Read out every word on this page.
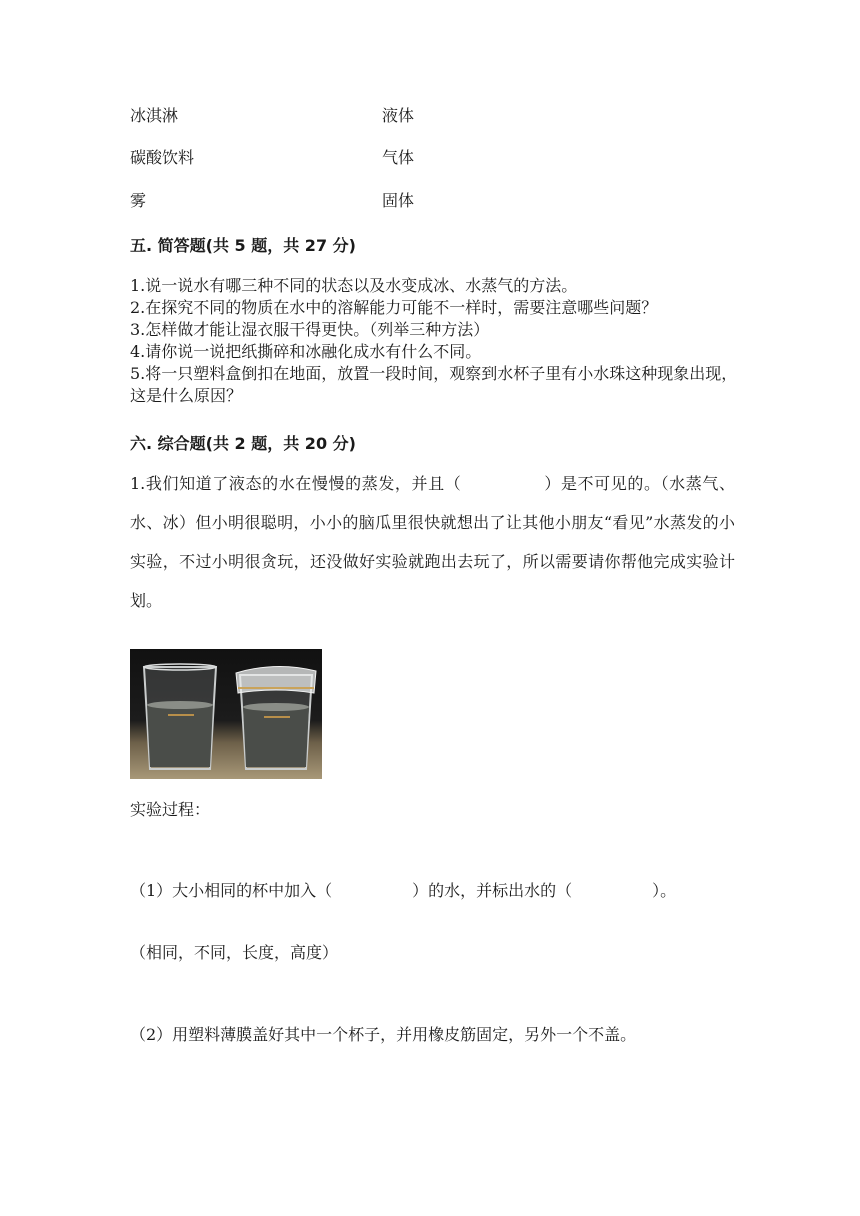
冰淇淋	液体
碳酸饮料	气体
雾	固体
五. 简答题(共 5 题，共 27 分)
1.说一说水有哪三种不同的状态以及水变成冰、水蒸气的方法。
2.在探究不同的物质在水中的溶解能力可能不一样时，需要注意哪些问题？
3.怎样做才能让湿衣服干得更快。（列举三种方法）
4.请你说一说把纸撕碎和冰融化成水有什么不同。
5.将一只塑料盒倒扣在地面，放置一段时间，观察到水杯子里有小水珠这种现象出现，这是什么原因？
六. 综合题(共 2 题，共 20 分)
1.我们知道了液态的水在慢慢的蒸发，并且（　　　　　）是不可见的。（水蒸气、水、冰）但小明很聪明，小小的脑瓜里很快就想出了让其他小朋友“看见”水蒸发的小实验，不过小明很贪玩，还没做好实验就跑出去玩了，所以需要请你帮他完成实验计划。
实验过程：
（1）大小相同的杯中加入（　　　　　）的水，并标出水的（　　　　　）。
（相同，不同，长度，高度）
（2）用塑料薄膜盖好其中一个杯子，并用橡皮筋固定，另外一个不盖。
